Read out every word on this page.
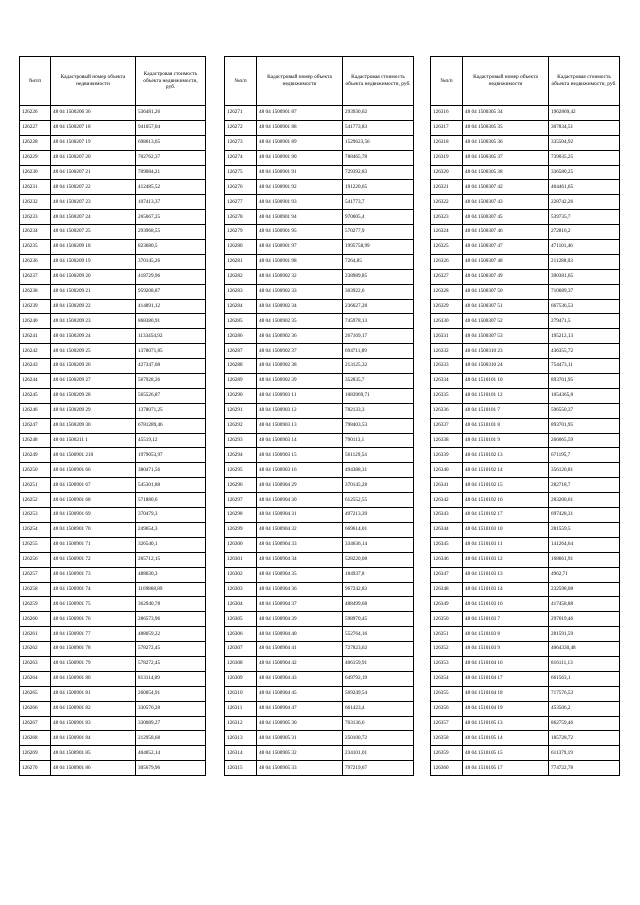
№п/п	Кадастровый номер объекта недвижимости	Кадастровая стоимость объекта недвижимости, руб.
126226	48 04 1500206 36	536481,26
126227	48 04 1500207 18	941057,04
126228	48 04 1500207 19	698613,65
126229	48 04 1500207 20	702762,37
126230	48 04 1500207 21	709084,21
126231	48 04 1500207 22	412485,52
126232	48 04 1500207 23	107413,37
126233	48 04 1500207 24	265667,25
126234	48 04 1500207 25	293968,55
126235	48 04 1500209 18	823680,5
126236	48 04 1500209 19	370145,26
126237	48 04 1500209 20	418729,96
126238	48 04 1500209 21	959208,87
126239	48 04 1500209 22	414891,12
126240	48 04 1500209 23	868380,91
126241	48 04 1500209 24	1133454,92
126242	48 04 1500209 25	1378071,85
126243	48 04 1500209 26	427347,08
126244	48 04 1500209 27	567928,26
126245	48 04 1500209 28	565526,87
126246	48 04 1500209 29	1378071,25
126247	48 04 1500209 30	6781289,46
126248	48 04 1500211 1	45519,12
126249	48 04 1500901 210	1979053,97
126250	48 04 1500901 66	380471,56
126251	48 04 1500901 67	545301,88
126252	48 04 1500901 68	571880,6
126253	48 04 1500901 69	370479,3
126254	48 04 1500901 70	249654,3
126255	48 04 1500901 71	326540,1
126256	48 04 1500901 72	265712,15
126257	48 04 1500901 73	488030,3
126258	48 04 1500901 74	1169868,89
126259	48 04 1500901 75	362940,78
126260	48 04 1500901 76	286573,96
126261	48 04 1500901 77	488059,22
126262	48 04 1500901 78	578272,45
126263	48 04 1500901 79	578272,45
126264	48 04 1500901 80	813114,09
126265	48 04 1500901 81	260054,91
126266	48 04 1500901 82	330576,28
126267	48 04 1500901 83	330089,27
126268	48 04 1500901 84	212958,68
126269	48 04 1500901 85	404052,14
126270	48 04 1500901 86	305679,96
№п/п	Кадастровый номер объекта недвижимости	Кадастровая стоимость объекта недвижимости, руб.
126271	48 04 1500901 87	293930,62
126272	48 04 1500901 88	541773,83
126273	48 04 1500901 89	1529623,56
126274	48 04 1500901 90	788465,78
126275	48 04 1500901 91	729392,83
126276	48 04 1500901 92	191220,65
126277	48 04 1500901 93	541773,7
126278	48 04 1500901 94	970005,4
126279	48 04 1500901 95	570277,9
126280	48 04 1500901 97	1995758,99
126281	48 04 1500901 98	7264,85
126282	48 04 1500902 32	238989,85
126283	48 04 1500902 33	303922,6
126284	48 04 1500902 34	236627,28
126285	48 04 1500902 35	745978,13
126286	48 04 1500902 36	267169,17
126287	48 04 1500902 37	694711,89
126288	48 04 1500902 38	213125,32
126289	48 04 1500902 39	352835,7
126290	48 04 1500903 11	1083969,71
126291	48 04 1500903 12	782133,3
126292	48 04 1500903 13	798403,53
126293	48 04 1500903 14	790113,1
126294	48 04 1500903 15	561129,54
126295	48 04 1500903 16	494388,31
126296	48 04 1500904 29	370145,28
126297	48 04 1500904 30	612552,55
126298	48 04 1500904 31	497213,39
126299	48 04 1500904 32	669614,01
126300	48 04 1500904 33	334636,14
126301	48 04 1500904 34	528220,08
126302	48 04 1500904 35	184937,8
126303	48 04 1500904 36	967242,83
126304	48 04 1500904 37	488499,68
126305	48 04 1500904 39	598970,45
126306	48 04 1500904 40	552764,16
126307	48 04 1500904 41	727823,62
126308	48 04 1500904 42	406159,91
126309	48 04 1500904 43	649792,19
126310	48 04 1500904 45	569249,54
126311	48 04 1500904 47	661423,4
126312	48 04 1500905 30	763136,6
126313	48 04 1500905 31	250100,72
126314	48 04 1500905 32	234101,01
126315	48 04 1500905 33	797219,67
№п/п	Кадастровый номер объекта недвижимости	Кадастровая стоимость объекта недвижимости, руб.
126316	48 04 1500305 34	1962869,42
126317	48 04 1500305 35	307834,51
126318	48 04 1500305 36	335504,92
126319	48 04 1500305 37	739035,25
126320	48 04 1500305 38	336580,25
126321	48 04 1500307 42	464461,65
126322	48 04 1500307 43	228742,26
126323	48 04 1500307 45	539735,7
126324	48 04 1500307 46	272816,2
126325	48 04 1500307 47	471101,46
126326	48 04 1500307 48	211288,03
126327	48 04 1500307 49	390381,65
126328	48 04 1500307 50	710689,37
126329	48 04 1500307 51	667536,53
126330	48 04 1500307 52	279471,5
126331	48 04 1500307 53	195212,13
126332	48 04 1500310 23	436355,72
126333	48 04 1500310 24	754473,11
126334	48 04 1510101 10	893701,95
126335	48 04 1510101 12	1054365,8
126336	48 04 1510101 7	596550,37
126337	48 04 1510101 8	893701,95
126338	48 04 1510101 9	266065,59
126339	48 04 1510102 13	671195,7
126340	48 04 1510102 14	356120,81
126341	48 04 1510102 15	282718,7
126342	48 04 1510102 16	283200,61
126343	48 04 1510102 17	697428,31
126344	48 04 1510103 10	281559,5
126345	48 04 1510103 11	141264,64
126346	48 04 1510103 12	168661,91
126347	48 04 1510103 13	4962,71
126348	48 04 1510103 14	232598,08
126349	48 04 1510103 16	417458,88
126350	48 04 1510103 7	297619,46
126351	48 04 1510103 8	281591,59
126352	48 04 1510103 9	4064330,48
126353	48 04 1510104 16	816111,13
126354	48 04 1510104 17	661563,1
126355	48 04 1510104 18	717576,53
126356	48 04 1510104 19	453506,2
126357	48 04 1510105 13	862759,46
126358	48 04 1510105 14	185728,72
126359	48 04 1510105 15	611379,19
126360	48 04 1510105 17	774722,78
